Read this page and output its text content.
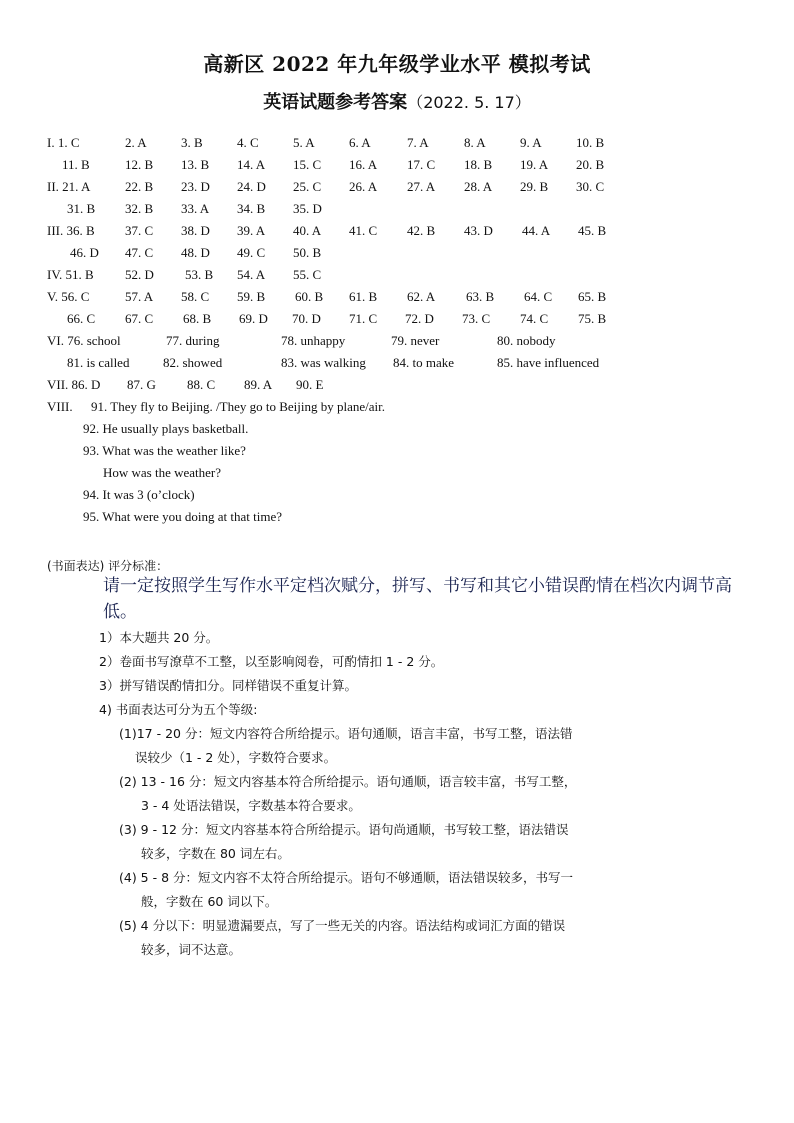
高新区 2022 年九年级学业水平 模拟考试
英语试题参考答案（2022. 5. 17）
I. 1. C	2. A	3. B	4. C	5. A	6. A	7. A	8. A	9. A	10. B
11. B	12. B 13. B 14. A 15. C 16. A 17. C 18. B 19. A 20. B
II. 21. A	22. B 23. D 24. D 25. C 26. A 27. A 28. A 29. B 30. C
31. B 32. B 33. A 34. B 35. D
III. 36. B 37. C 38. D 39. A 40. A 41. C 42. B 43. D 44. A 45. B
46. D 47. C 48. D 49. C 50. B
IV. 51. B 52. D 53. B 54. A 55. C
V. 56. C	57. A 58. C 59. B 60. B 61. B 62. A 63. B 64. C 65. B
66. C 67. C 68. B 69. D 70. D 71. C 72. D 73. C 74. C 75. B
VI. 76. school	77. during	78. unhappy	79. never	80. nobody
81. is called	82. showed	83. was walking 84. to make	85. have influenced
VII. 86. D 87. G 88. C 89. A 90. E
VIII. 91. They fly to Beijing. /They go to Beijing by plane/air.
92. He usually plays basketball.
93. What was the weather like?
How was the weather?
94. It was 3 (o’clock)
95. What were you doing at that time?
(书面表达) 评分标准：
请一定按照学生写作水平定档次赋分，拼写、书写和其它小错误酌情在档次内调节高低。
1）本大题共 20 分。
2）卷面书写潦草不工整，以至影响阅卷，可酌情扣 1 - 2 分。
3）拼写错误酌情扣分。同样错误不重复计算。
4) 书面表达可分为五个等级:
(1)17 - 20 分：短文内容符合所给提示。语句通顺，语言丰富，书写工整，语法错
误较少（1 - 2 处），字数符合要求。
(2) 13 - 16 分：短文内容基本符合所给提示。语句通顺，语言较丰富，书写工整，
3 - 4 处语法错误，字数基本符合要求。
(3) 9 - 12 分：短文内容基本符合所给提示。语句尚通顺，书写较工整，语法错误
较多，字数在 80 词左右。
(4) 5 - 8 分：短文内容不太符合所给提示。语句不够通顺，语法错误较多，书写一
般，字数在 60 词以下。
(5) 4 分以下：明显遗漏要点，写了一些无关的内容。语法结构或词汇方面的错误
较多，词不达意。
